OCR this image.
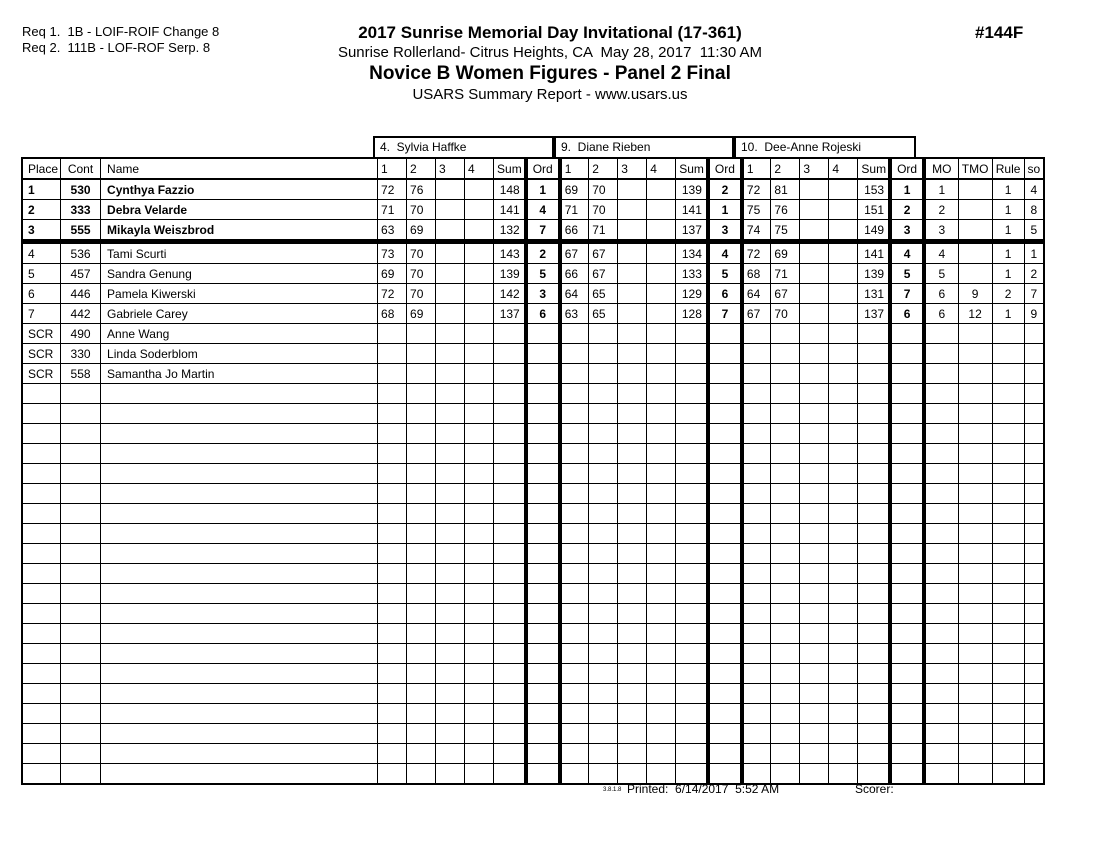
Req 1.  1B - LOIF-ROIF Change 8
Req 2.  111B - LOF-ROF Serp. 8
2017 Sunrise Memorial Day Invitational (17-361)
Sunrise Rollerland- Citrus Heights, CA  May 28, 2017  11:30 AM
Novice B Women Figures - Panel 2 Final
USARS Summary Report - www.usars.us
#144F
4.  Sylvia Haffke	9.  Diane Rieben	10.  Dee-Anne Rojeski
Place	Cont	Name	1	2	3	4	Sum	Ord	1	2	3	4	Sum	Ord	1	2	3	4	Sum	Ord	MO	TMO	Rule	so
1	530	Cynthya Fazzio	72	76			148	1	69	70			139	2	72	81			153	1	1		1	4
2	333	Debra Velarde	71	70			141	4	71	70			141	1	75	76			151	2	2		1	8
3	555	Mikayla Weiszbrod	63	69			132	7	66	71			137	3	74	75			149	3	3		1	5
4	536	Tami Scurti	73	70			143	2	67	67			134	4	72	69			141	4	4		1	1
5	457	Sandra Genung	69	70			139	5	66	67			133	5	68	71			139	5	5		1	2
6	446	Pamela Kiwerski	72	70			142	3	64	65			129	6	64	67			131	7	6	9	2	7
7	442	Gabriele Carey	68	69			137	6	63	65			128	7	67	70			137	6	6	12	1	9
SCR	490	Anne Wang																						
SCR	330	Linda Soderblom																						
SCR	558	Samantha Jo Martin																						

3.8.1.8 Printed:  6/14/2017  5:52 AM	Scorer:
